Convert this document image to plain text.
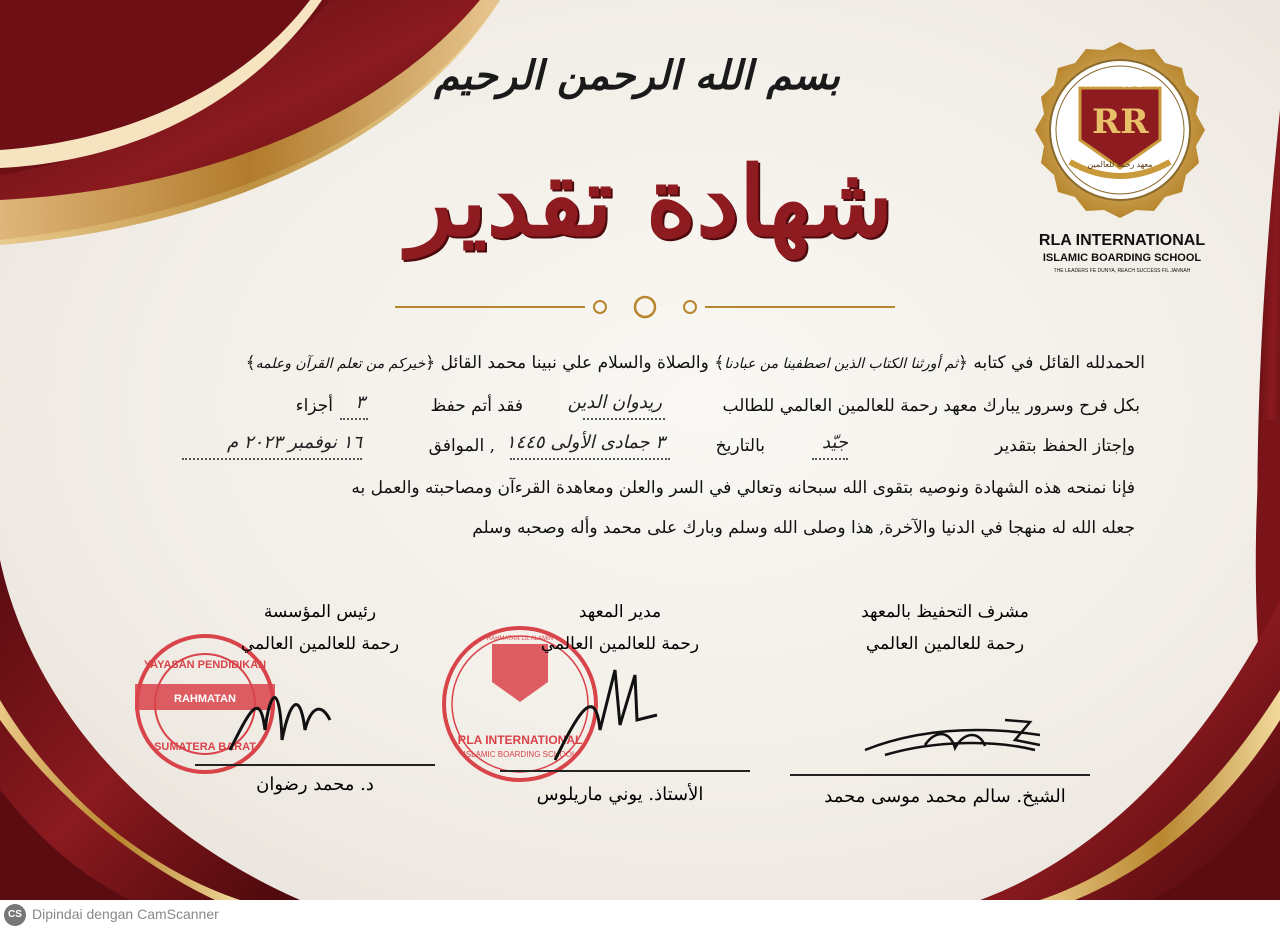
بسم الله الرحمن الرحيم
شهادة تقدير
RR
RAHMATAN LIL ALAMIN
معهد رحمة للعالمين
RLA INTERNATIONAL
ISLAMIC BOARDING SCHOOL
THE LEADERS FE DUNYA, REACH SUCCESS FIL JANNAH
الحمدلله القائل في كتابه ﴿ثم أورثنا الكتاب الذين اصطفينا من عبادنا﴾ والصلاة والسلام علي نبينا محمد القائل ﴿خيركم من تعلم القرآن وعلمه﴾
بكل فرح وسرور يبارك معهد رحمة للعالمين العالمي للطالب
ريدوان الدين
فقد أتم حفظ
٣
أجزاء
وإجتاز الحفظ بتقدير
جيّد
بالتاريخ
٣ جمادى الأولى ١٤٤٥
, الموافق
١٦ نوفمبر ٢٠٢٣ م
فإنا نمنحه هذه الشهادة ونوصيه بتقوى الله سبحانه وتعالي في السر والعلن ومعاهدة القرءآن ومصاحبته والعمل به
جعله الله له منهجا في الدنيا والآخرة, هذا وصلى الله وسلم وبارك على محمد وأله وصحبه وسلم
YAYASAN PENDIDIKAN
RAHMATAN
SUMATERA BARAT
RAHMATAN LIL ALAMIN
RLA INTERNATIONAL
ISLAMIC BOARDING SCHOOL
مشرف التحفيظ بالمعهد
رحمة للعالمين العالمي
الشيخ. سالم محمد موسى محمد
مدير المعهد
رحمة للعالمين العالمي
الأستاذ. يوني ماريلوس
رئيس المؤسسة
رحمة للعالمين العالمي
د. محمد رضوان
CS Dipindai dengan CamScanner
